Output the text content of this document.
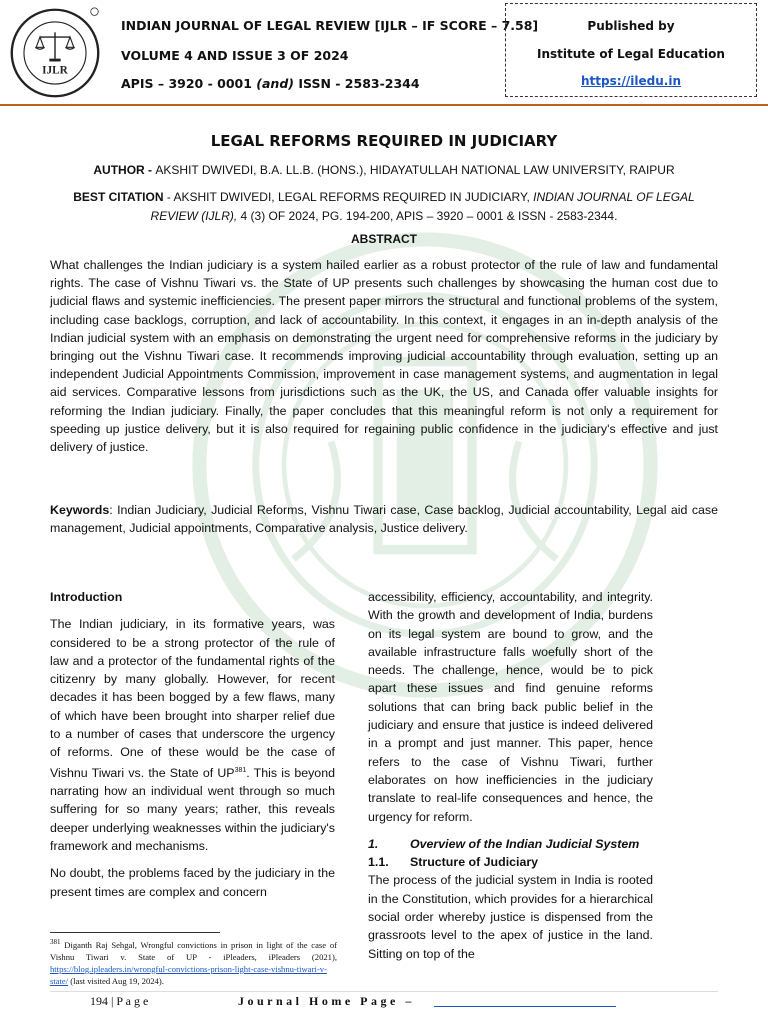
IJLR
INDIAN JOURNAL OF LEGAL REVIEW [IJLR – IF SCORE – 7.58]
VOLUME 4 AND ISSUE 3 OF 2024
APIS – 3920 - 0001 (and) ISSN - 2583-2344
Published by
Institute of Legal Education
https://iledu.in
LEGAL REFORMS REQUIRED IN JUDICIARY
AUTHOR - AKSHIT DWIVEDI, B.A. LL.B. (HONS.), HIDAYATULLAH NATIONAL LAW UNIVERSITY, RAIPUR
BEST CITATION - AKSHIT DWIVEDI, LEGAL REFORMS REQUIRED IN JUDICIARY, INDIAN JOURNAL OF LEGAL REVIEW (IJLR), 4 (3) OF 2024, PG. 194-200, APIS – 3920 – 0001 & ISSN - 2583-2344.
ABSTRACT
What challenges the Indian judiciary is a system hailed earlier as a robust protector of the rule of law and fundamental rights. The case of Vishnu Tiwari vs. the State of UP presents such challenges by showcasing the human cost due to judicial flaws and systemic inefficiencies. The present paper mirrors the structural and functional problems of the system, including case backlogs, corruption, and lack of accountability. In this context, it engages in an in-depth analysis of the Indian judicial system with an emphasis on demonstrating the urgent need for comprehensive reforms in the judiciary by bringing out the Vishnu Tiwari case. It recommends improving judicial accountability through evaluation, setting up an independent Judicial Appointments Commission, improvement in case management systems, and augmentation in legal aid services. Comparative lessons from jurisdictions such as the UK, the US, and Canada offer valuable insights for reforming the Indian judiciary. Finally, the paper concludes that this meaningful reform is not only a requirement for speeding up justice delivery, but it is also required for regaining public confidence in the judiciary's effective and just delivery of justice.
Keywords: Indian Judiciary, Judicial Reforms, Vishnu Tiwari case, Case backlog, Judicial accountability, Legal aid case management, Judicial appointments, Comparative analysis, Justice delivery.
Introduction

The Indian judiciary, in its formative years, was considered to be a strong protector of the rule of law and a protector of the fundamental rights of the citizenry by many globally. However, for recent decades it has been bogged by a few flaws, many of which have been brought into sharper relief due to a number of cases that underscore the urgency of reforms. One of these would be the case of Vishnu Tiwari vs. the State of UP$^{381}$. This is beyond narrating how an individual went through so much suffering for so many years; rather, this reveals deeper underlying weaknesses within the judiciary's framework and mechanisms.

No doubt, the problems faced by the judiciary in the present times are complex and concern

accessibility, efficiency, accountability, and integrity. With the growth and development of India, burdens on its legal system are bound to grow, and the available infrastructure falls woefully short of the needs. The challenge, hence, would be to pick apart these issues and find genuine reforms solutions that can bring back public belief in the judiciary and ensure that justice is indeed delivered in a prompt and just manner. This paper, hence refers to the case of Vishnu Tiwari, further elaborates on how inefficiencies in the judiciary translate to real-life consequences and hence, the urgency for reform.

1.	Overview of the Indian Judicial System
1.1.	Structure of Judiciary

The process of the judicial system in India is rooted in the Constitution, which provides for a hierarchical social order whereby justice is dispensed from the grassroots level to the apex of justice in the land. Sitting on top of the

$^{381}$ Diganth Raj Sehgal, Wrongful convictions in prison in light of the case of Vishnu Tiwari v. State of UP - iPleaders, iPleaders (2021), https://blog.ipleaders.in/wrongful-convictions-prison-light-case-vishnu-tiwari-v-state/ (last visited Aug 19, 2024).
194 | P a g e	Journal Home Page –
